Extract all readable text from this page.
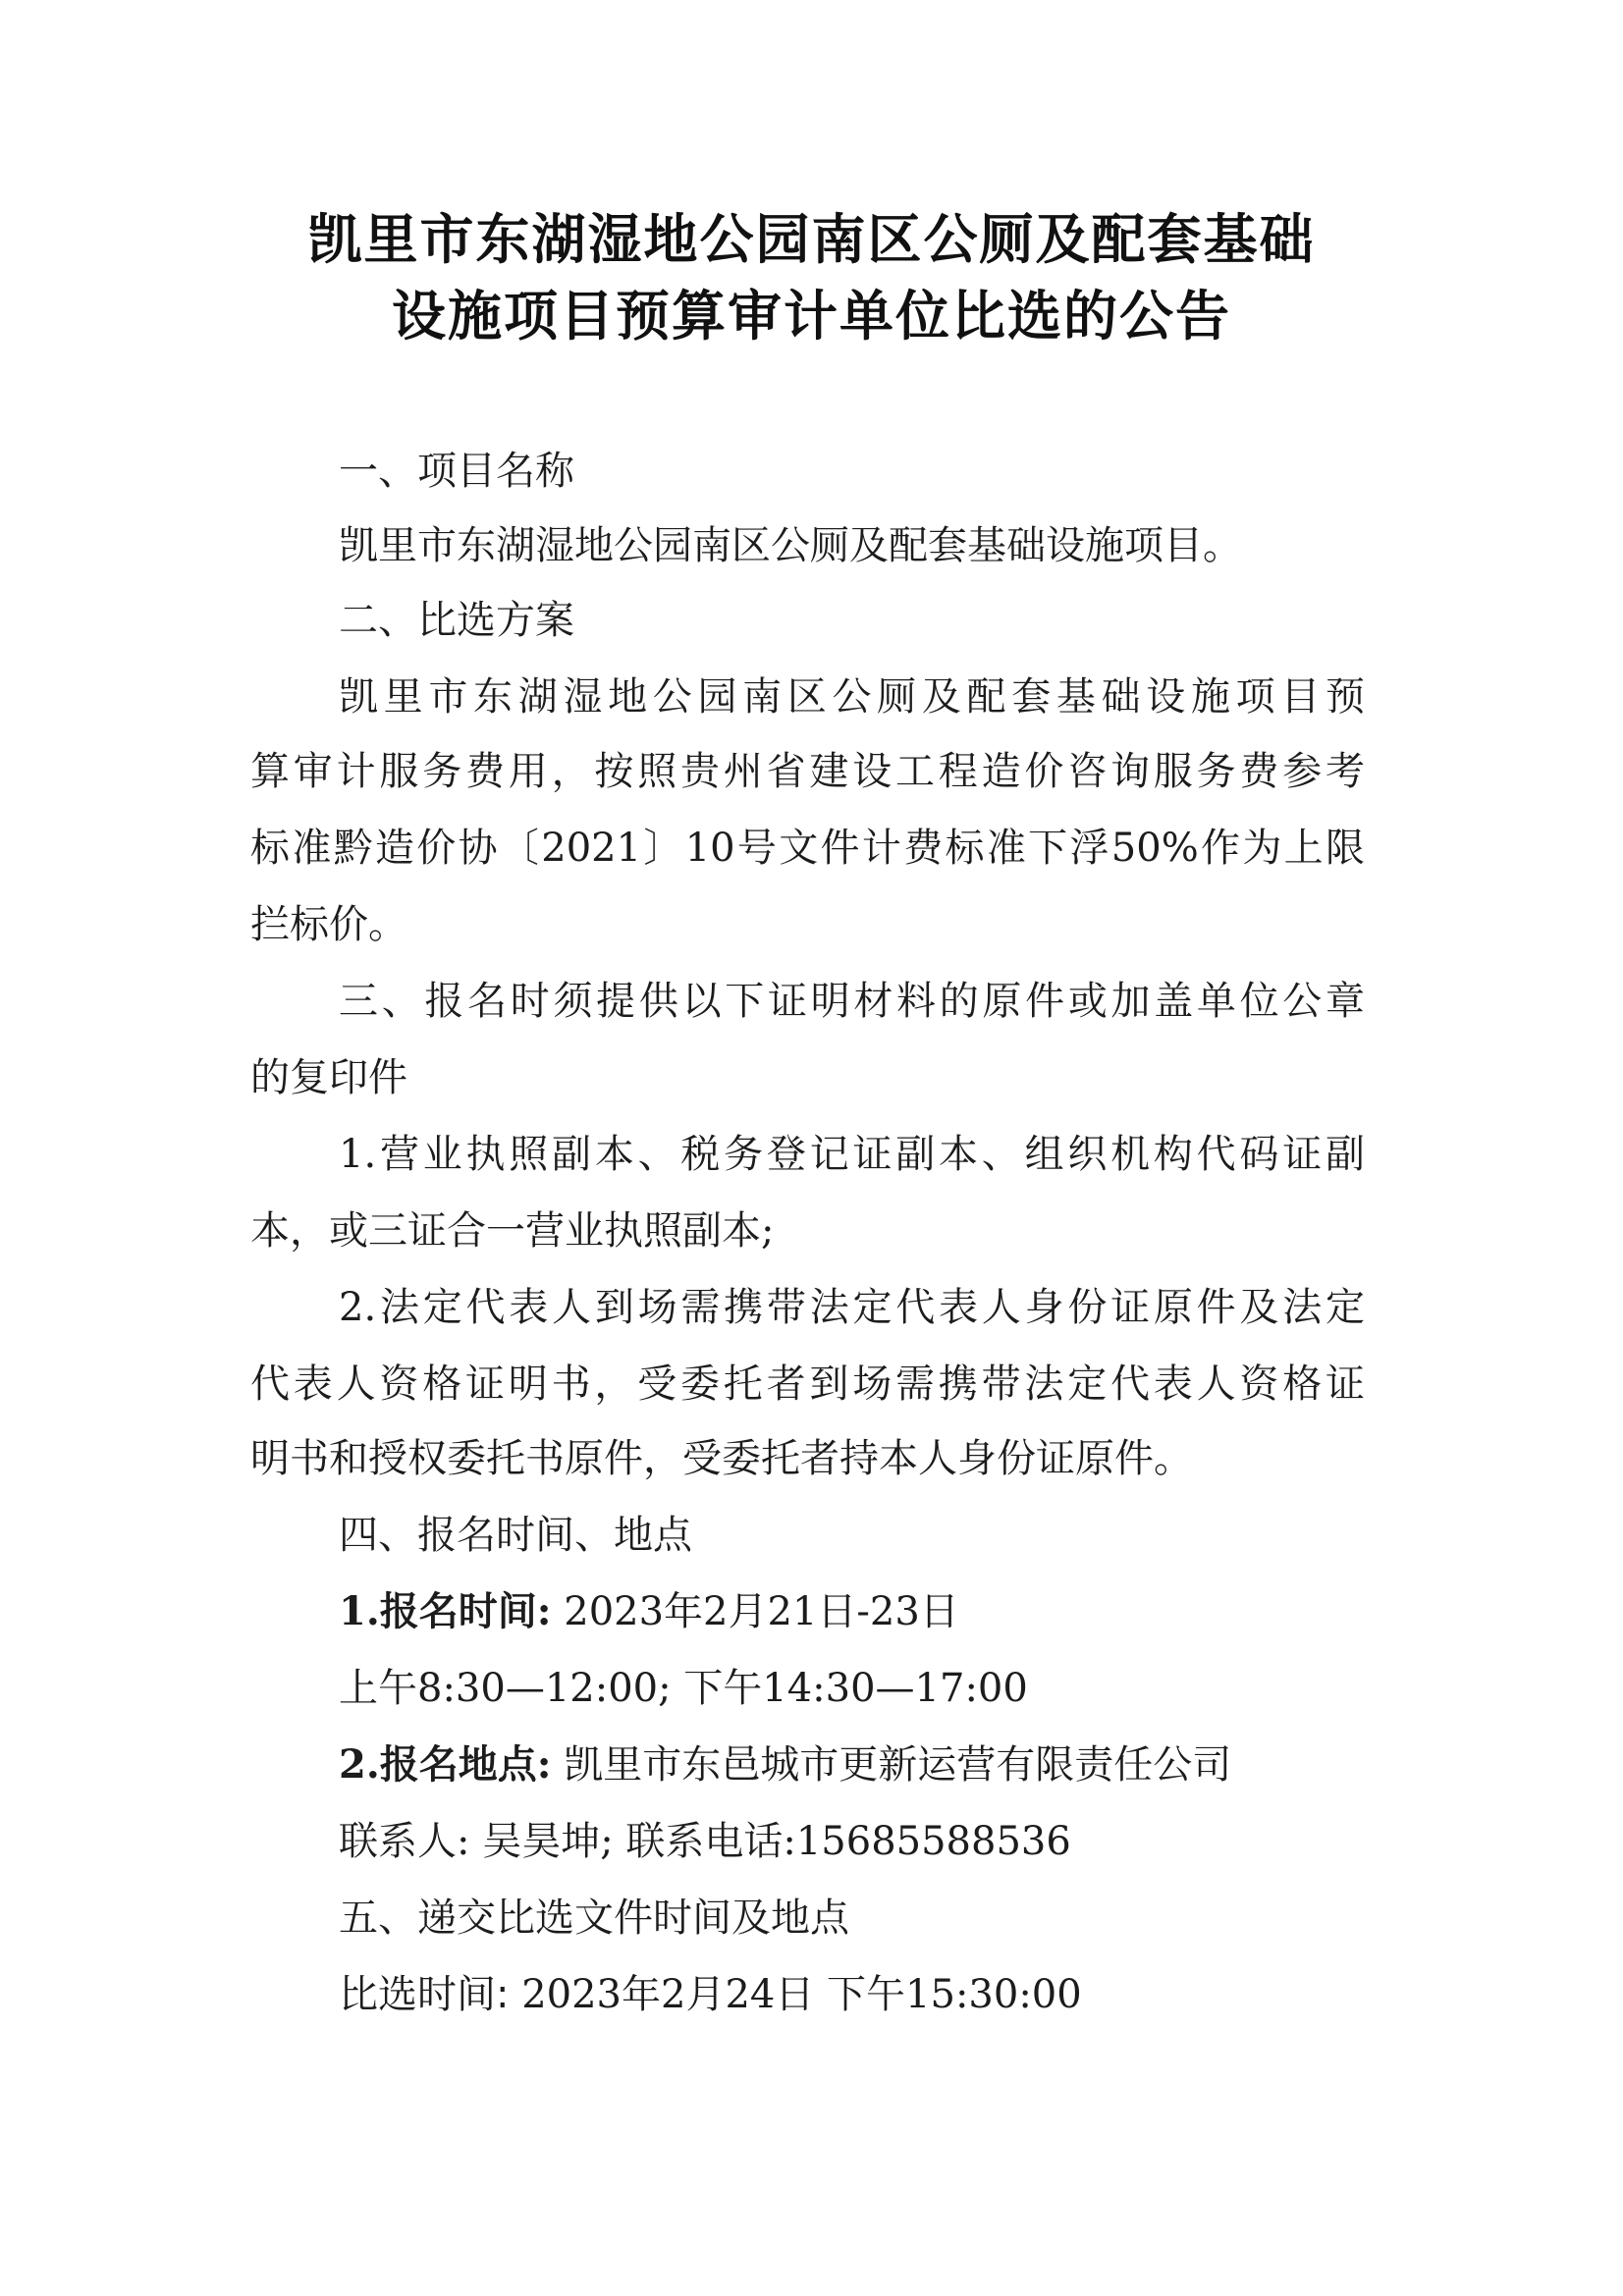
凯里市东湖湿地公园南区公厕及配套基础
设施项目预算审计单位比选的公告

一、项目名称

凯里市东湖湿地公园南区公厕及配套基础设施项目。

二、比选方案

凯里市东湖湿地公园南区公厕及配套基础设施项目预

算审计服务费用，按照贵州省建设工程造价咨询服务费参考

标准黔造价协〔2021〕10号文件计费标准下浮50%作为上限

拦标价。

三、报名时须提供以下证明材料的原件或加盖单位公章

的复印件

1.营业执照副本、税务登记证副本、组织机构代码证副

本，或三证合一营业执照副本;

2.法定代表人到场需携带法定代表人身份证原件及法定

代表人资格证明书，受委托者到场需携带法定代表人资格证

明书和授权委托书原件，受委托者持本人身份证原件。

四、报名时间、地点

1.报名时间: 2023年2月21日-23日

上午8:30—12:00; 下午14:30—17:00

2.报名地点: 凯里市东邑城市更新运营有限责任公司

联系人: 吴昊坤; 联系电话:15685588536

五、递交比选文件时间及地点

比选时间: 2023年2月24日 下午15:30:00
